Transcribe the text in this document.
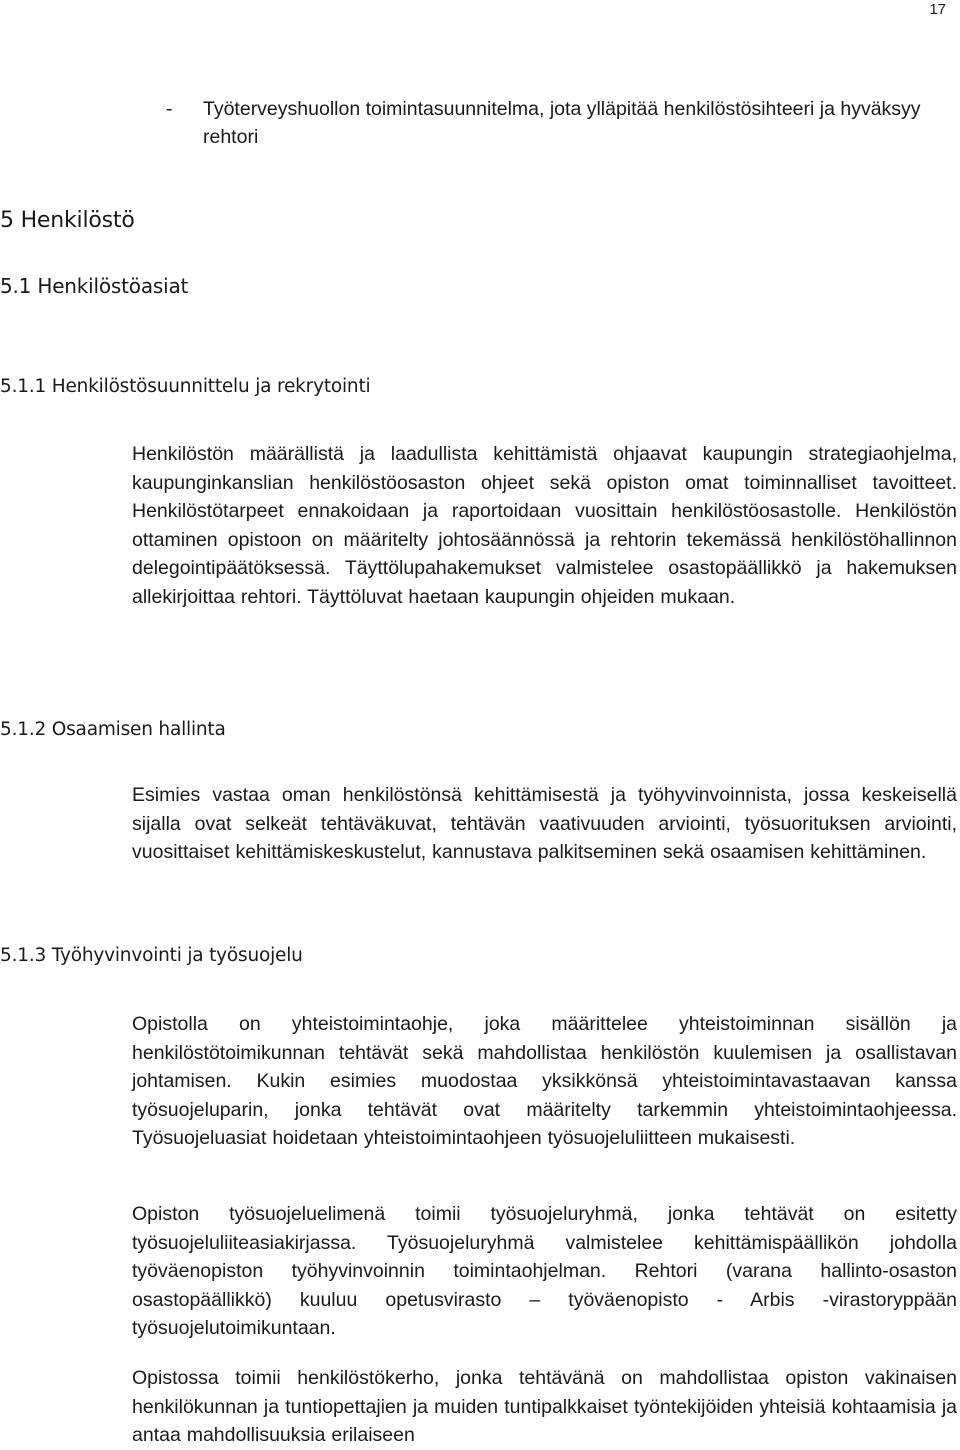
17
-	Työterveyshuollon toimintasuunnitelma, jota ylläpitää henkilöstösihteeri ja hyväksyy rehtori
5 Henkilöstö
5.1 Henkilöstöasiat
5.1.1 Henkilöstösuunnittelu ja rekrytointi

Henkilöstön määrällistä ja laadullista kehittämistä ohjaavat kaupungin strategiaohjelma, kaupunginkanslian henkilöstöosaston ohjeet sekä opiston omat toiminnalliset tavoitteet. Henkilöstötarpeet ennakoidaan ja raportoidaan vuosittain henkilöstöosastolle. Henkilöstön ottaminen opistoon on määritelty johtosäännössä ja rehtorin tekemässä henkilöstöhallinnon delegointipäätöksessä. Täyttölupahakemukset valmistelee osastopäällikkö ja hakemuksen allekirjoittaa rehtori. Täyttöluvat haetaan kaupungin ohjeiden mukaan.

5.1.2 Osaamisen hallinta

Esimies vastaa oman henkilöstönsä kehittämisestä ja työhyvinvoinnista, jossa keskeisellä sijalla ovat selkeät tehtäväkuvat, tehtävän vaativuuden arviointi, työsuorituksen arviointi, vuosittaiset kehittämiskeskustelut, kannustava palkitseminen sekä osaamisen kehittäminen.

5.1.3 Työhyvinvointi ja työsuojelu

Opistolla on yhteistoimintaohje, joka määrittelee yhteistoiminnan sisällön ja henkilöstötoimikunnan tehtävät sekä mahdollistaa henkilöstön kuulemisen ja osallistavan johtamisen. Kukin esimies muodostaa yksikkönsä yhteistoimintavastaavan kanssa työsuojeluparin, jonka tehtävät ovat määritelty tarkemmin yhteistoimintaohjeessa. Työsuojeluasiat hoidetaan yhteistoimintaohjeen työsuojeluliitteen mukaisesti.

Opiston työsuojeluelimenä toimii työsuojeluryhmä, jonka tehtävät on esitetty työsuojeluliiteasiakirjassa. Työsuojeluryhmä valmistelee kehittämispäällikön johdolla työväenopiston työhyvinvoinnin toimintaohjelman. Rehtori (varana hallinto-osaston osastopäällikkö) kuuluu opetusvirasto – työväenopisto - Arbis -virastoryppään työsuojelutoimikuntaan.

Opistossa toimii henkilöstökerho, jonka tehtävänä on mahdollistaa opiston vakinaisen henkilökunnan ja tuntiopettajien ja muiden tuntipalkkaiset työntekijöiden yhteisiä kohtaamisia ja antaa mahdollisuuksia erilaiseen
